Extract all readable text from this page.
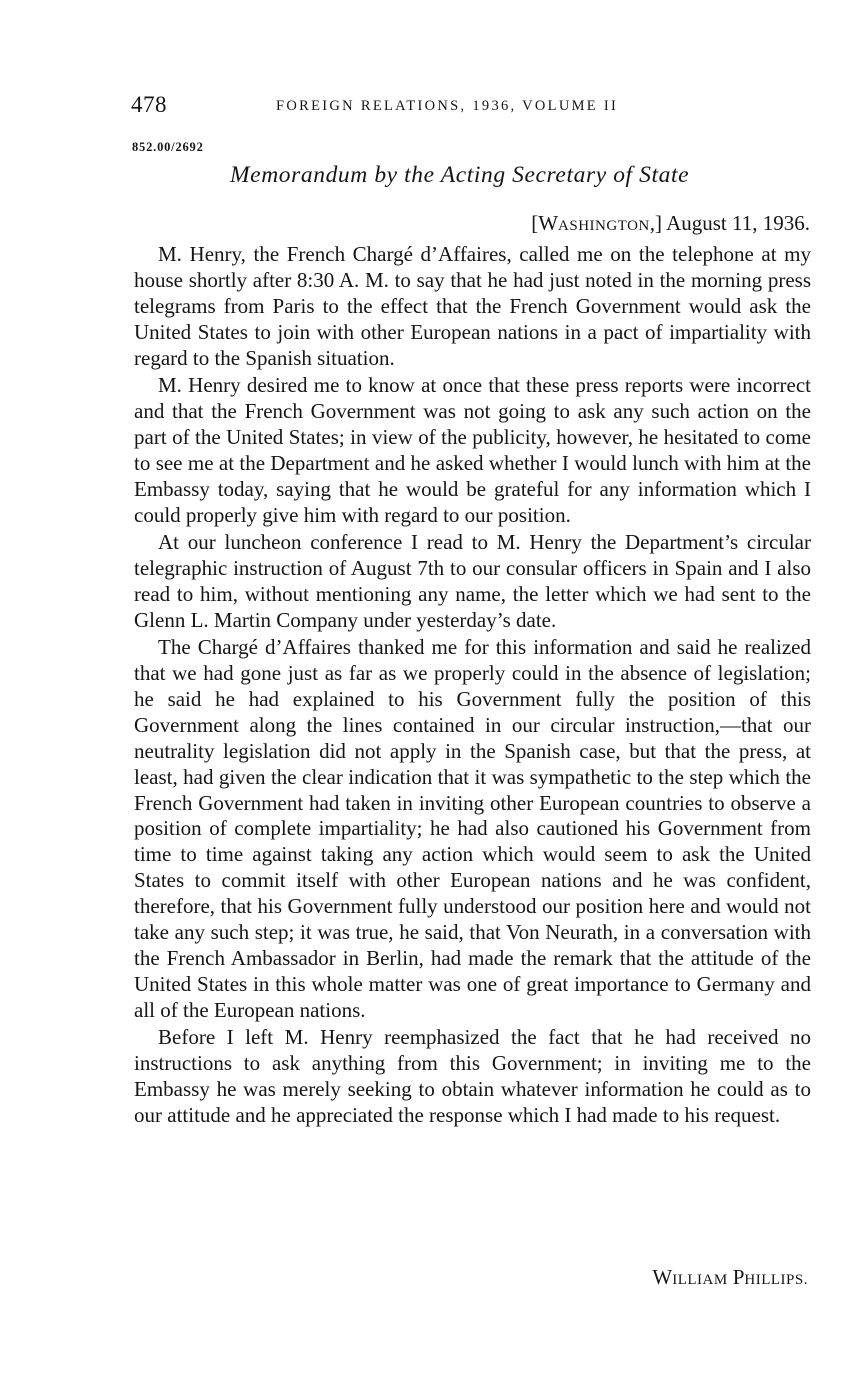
478	FOREIGN RELATIONS, 1936, VOLUME II
852.00/2692
Memorandum by the Acting Secretary of State
[WASHINGTON,] August 11, 1936.

M. Henry, the French Chargé d’Affaires, called me on the telephone at my house shortly after 8:30 A. M. to say that he had just noted in the morning press telegrams from Paris to the effect that the French Government would ask the United States to join with other European nations in a pact of impartiality with regard to the Spanish situation.

M. Henry desired me to know at once that these press reports were incorrect and that the French Government was not going to ask any such action on the part of the United States; in view of the publicity, however, he hesitated to come to see me at the Department and he asked whether I would lunch with him at the Embassy today, saying that he would be grateful for any information which I could properly give him with regard to our position.

At our luncheon conference I read to M. Henry the Department’s circular telegraphic instruction of August 7th to our consular officers in Spain and I also read to him, without mentioning any name, the letter which we had sent to the Glenn L. Martin Company under yesterday’s date.

The Chargé d’Affaires thanked me for this information and said he realized that we had gone just as far as we properly could in the absence of legislation; he said he had explained to his Government fully the position of this Government along the lines contained in our circular instruction,—that our neutrality legislation did not apply in the Spanish case, but that the press, at least, had given the clear indication that it was sympathetic to the step which the French Government had taken in inviting other European countries to observe a position of complete impartiality; he had also cautioned his Government from time to time against taking any action which would seem to ask the United States to commit itself with other European nations and he was confident, therefore, that his Government fully understood our position here and would not take any such step; it was true, he said, that Von Neurath, in a conversation with the French Ambassador in Berlin, had made the remark that the attitude of the United States in this whole matter was one of great importance to Germany and all of the European nations.

Before I left M. Henry reemphasized the fact that he had received no instructions to ask anything from this Government; in inviting me to the Embassy he was merely seeking to obtain whatever information he could as to our attitude and he appreciated the response which I had made to his request.

WILLIAM PHILLIPS.
